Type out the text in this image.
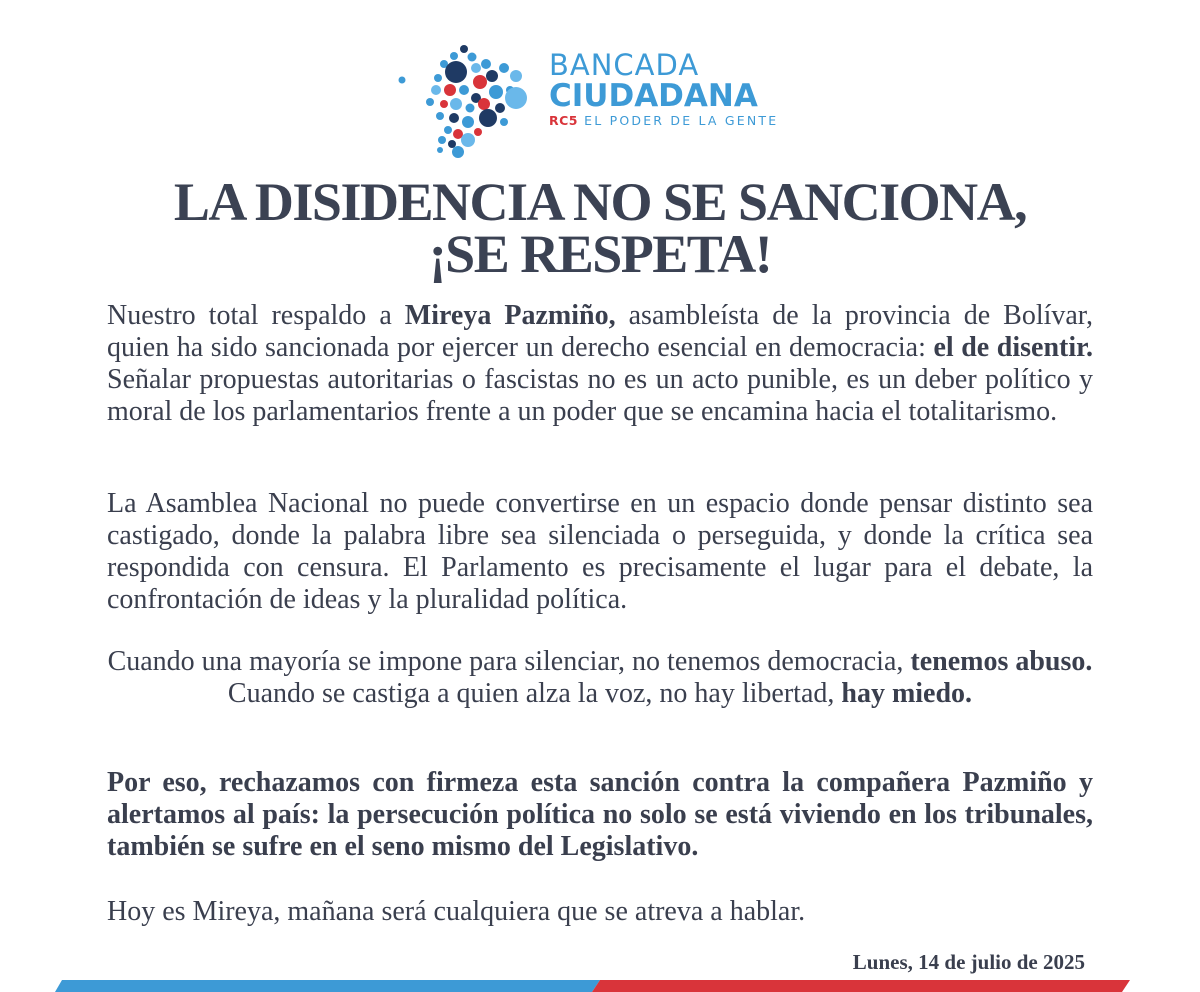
BANCADA
CIUDADANA
RC5 EL PODER DE LA GENTE
LA DISIDENCIA NO SE SANCIONA,
¡SE RESPETA!
Nuestro total respaldo a Mireya Pazmiño, asambleísta de la provincia de Bolívar, quien ha sido sancionada por ejercer un derecho esencial en democracia: el de disentir. Señalar propuestas autoritarias o fascistas no es un acto punible, es un deber político y moral de los parlamentarios frente a un poder que se encamina hacia el totalitarismo.
La Asamblea Nacional no puede convertirse en un espacio donde pensar distinto sea castigado, donde la palabra libre sea silenciada o perseguida, y donde la crítica sea respondida con censura. El Parlamento es precisamente el lugar para el debate, la confrontación de ideas y la pluralidad política.
Cuando una mayoría se impone para silenciar, no tenemos democracia, tenemos abuso.
Cuando se castiga a quien alza la voz, no hay libertad, hay miedo.
Por eso, rechazamos con firmeza esta sanción contra la compañera Pazmiño y alertamos al país: la persecución política no solo se está viviendo en los tribunales, también se sufre en el seno mismo del Legislativo.
Hoy es Mireya, mañana será cualquiera que se atreva a hablar.
Lunes, 14 de julio de 2025
